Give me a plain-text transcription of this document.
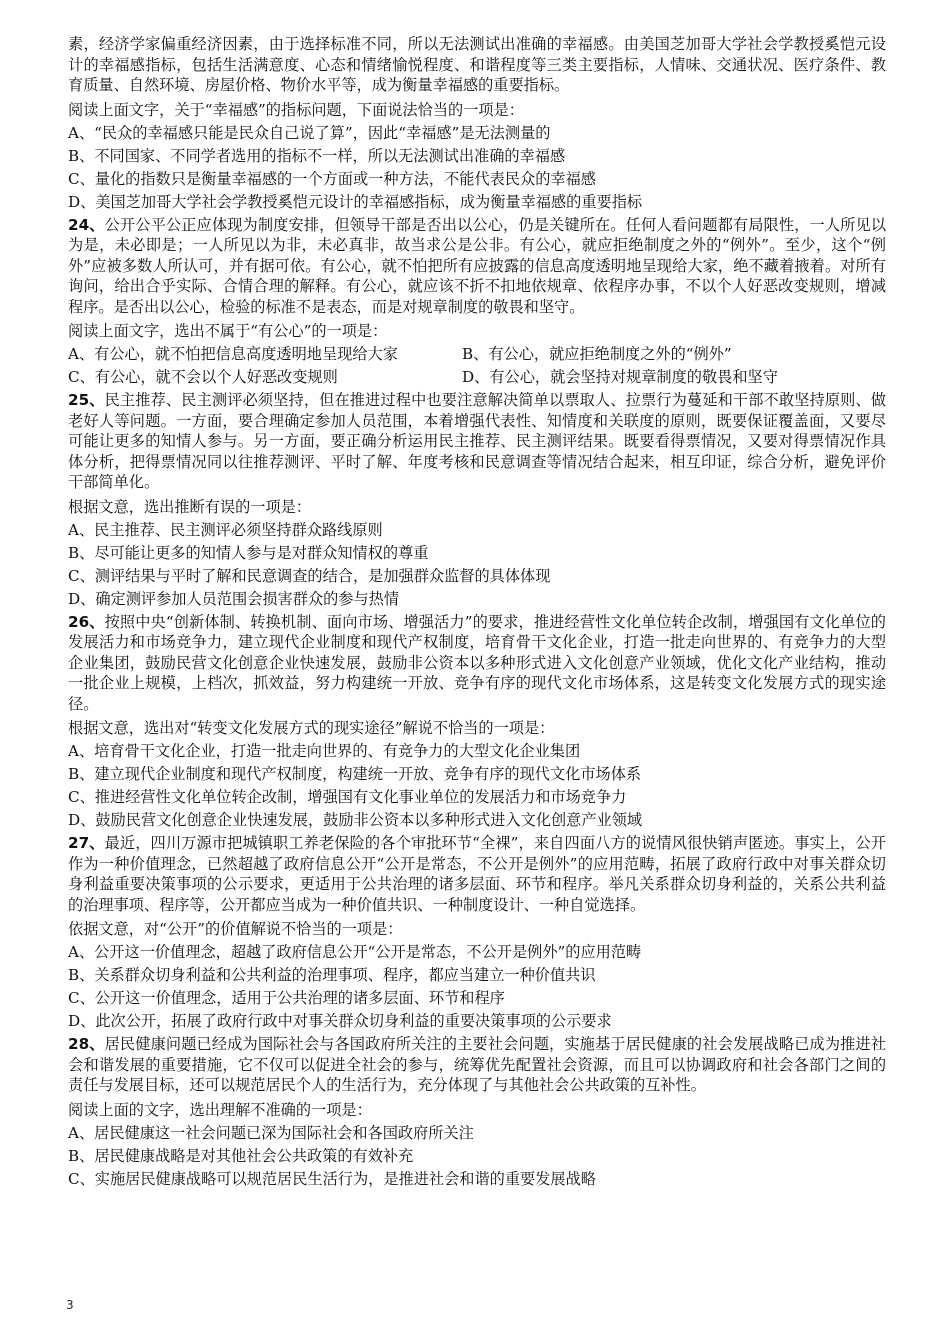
素，经济学家偏重经济因素，由于选择标准不同，所以无法测试出准确的幸福感。由美国芝加哥大学社会学教授奚恺元设计的幸福感指标，包括生活满意度、心态和情绪愉悦程度、和谐程度等三类主要指标，人情味、交通状况、医疗条件、教育质量、自然环境、房屋价格、物价水平等，成为衡量幸福感的重要指标。

阅读上面文字，关于“幸福感”的指标问题，下面说法恰当的一项是：
A、“民众的幸福感只能是民众自己说了算”，因此“幸福感”是无法测量的
B、不同国家、不同学者选用的指标不一样，所以无法测试出准确的幸福感
C、量化的指数只是衡量幸福感的一个方面或一种方法，不能代表民众的幸福感
D、美国芝加哥大学社会学教授奚恺元设计的幸福感指标，成为衡量幸福感的重要指标

24、公开公平公正应体现为制度安排，但领导干部是否出以公心，仍是关键所在。任何人看问题都有局限性，一人所见以为是，未必即是；一人所见以为非，未必真非，故当求公是公非。有公心，就应拒绝制度之外的“例外”。至少，这个“例外”应被多数人所认可，并有据可依。有公心，就不怕把所有应披露的信息高度透明地呈现给大家，绝不藏着掖着。对所有询问，给出合乎实际、合情合理的解释。有公心，就应该不折不扣地依规章、依程序办事，不以个人好恶改变规则，增减程序。是否出以公心，检验的标准不是表态，而是对规章制度的敬畏和坚守。

阅读上面文字，选出不属于“有公心”的一项是：
A、有公心，就不怕把信息高度透明地呈现给大家	B、有公心，就应拒绝制度之外的“例外”
C、有公心，就不会以个人好恶改变规则	D、有公心，就会坚持对规章制度的敬畏和坚守

25、民主推荐、民主测评必须坚持，但在推进过程中也要注意解决简单以票取人、拉票行为蔓延和干部不敢坚持原则、做老好人等问题。一方面，要合理确定参加人员范围，本着增强代表性、知情度和关联度的原则，既要保证覆盖面，又要尽可能让更多的知情人参与。另一方面，要正确分析运用民主推荐、民主测评结果。既要看得票情况，又要对得票情况作具体分析，把得票情况同以往推荐测评、平时了解、年度考核和民意调查等情况结合起来，相互印证，综合分析，避免评价干部简单化。

根据文意，选出推断有误的一项是：
A、民主推荐、民主测评必须坚持群众路线原则
B、尽可能让更多的知情人参与是对群众知情权的尊重
C、测评结果与平时了解和民意调查的结合，是加强群众监督的具体体现
D、确定测评参加人员范围会损害群众的参与热情

26、按照中央“创新体制、转换机制、面向市场、增强活力”的要求，推进经营性文化单位转企改制，增强国有文化单位的发展活力和市场竞争力，建立现代企业制度和现代产权制度，培育骨干文化企业，打造一批走向世界的、有竞争力的大型企业集团，鼓励民营文化创意企业快速发展，鼓励非公资本以多种形式进入文化创意产业领域，优化文化产业结构，推动一批企业上规模，上档次，抓效益，努力构建统一开放、竞争有序的现代文化市场体系，这是转变文化发展方式的现实途径。

根据文意，选出对“转变文化发展方式的现实途径”解说不恰当的一项是：
A、培育骨干文化企业，打造一批走向世界的、有竞争力的大型文化企业集团
B、建立现代企业制度和现代产权制度，构建统一开放、竞争有序的现代文化市场体系
C、推进经营性文化单位转企改制，增强国有文化事业单位的发展活力和市场竞争力
D、鼓励民营文化创意企业快速发展，鼓励非公资本以多种形式进入文化创意产业领域

27、最近，四川万源市把城镇职工养老保险的各个审批环节“全裸”，来自四面八方的说情风很快销声匿迹。事实上，公开作为一种价值理念，已然超越了政府信息公开“公开是常态，不公开是例外”的应用范畴，拓展了政府行政中对事关群众切身利益重要决策事项的公示要求，更适用于公共治理的诸多层面、环节和程序。举凡关系群众切身利益的，关系公共利益的治理事项、程序等，公开都应当成为一种价值共识、一种制度设计、一种自觉选择。

依据文意，对“公开”的价值解说不恰当的一项是：
A、公开这一价值理念，超越了政府信息公开“公开是常态，不公开是例外”的应用范畴
B、关系群众切身利益和公共利益的治理事项、程序，都应当建立一种价值共识
C、公开这一价值理念，适用于公共治理的诸多层面、环节和程序
D、此次公开，拓展了政府行政中对事关群众切身利益的重要决策事项的公示要求

28、居民健康问题已经成为国际社会与各国政府所关注的主要社会问题，实施基于居民健康的社会发展战略已成为推进社会和谐发展的重要措施，它不仅可以促进全社会的参与，统筹优先配置社会资源，而且可以协调政府和社会各部门之间的责任与发展目标，还可以规范居民个人的生活行为，充分体现了与其他社会公共政策的互补性。

阅读上面的文字，选出理解不准确的一项是：
A、居民健康这一社会问题已深为国际社会和各国政府所关注
B、居民健康战略是对其他社会公共政策的有效补充
C、实施居民健康战略可以规范居民生活行为，是推进社会和谐的重要发展战略
3
